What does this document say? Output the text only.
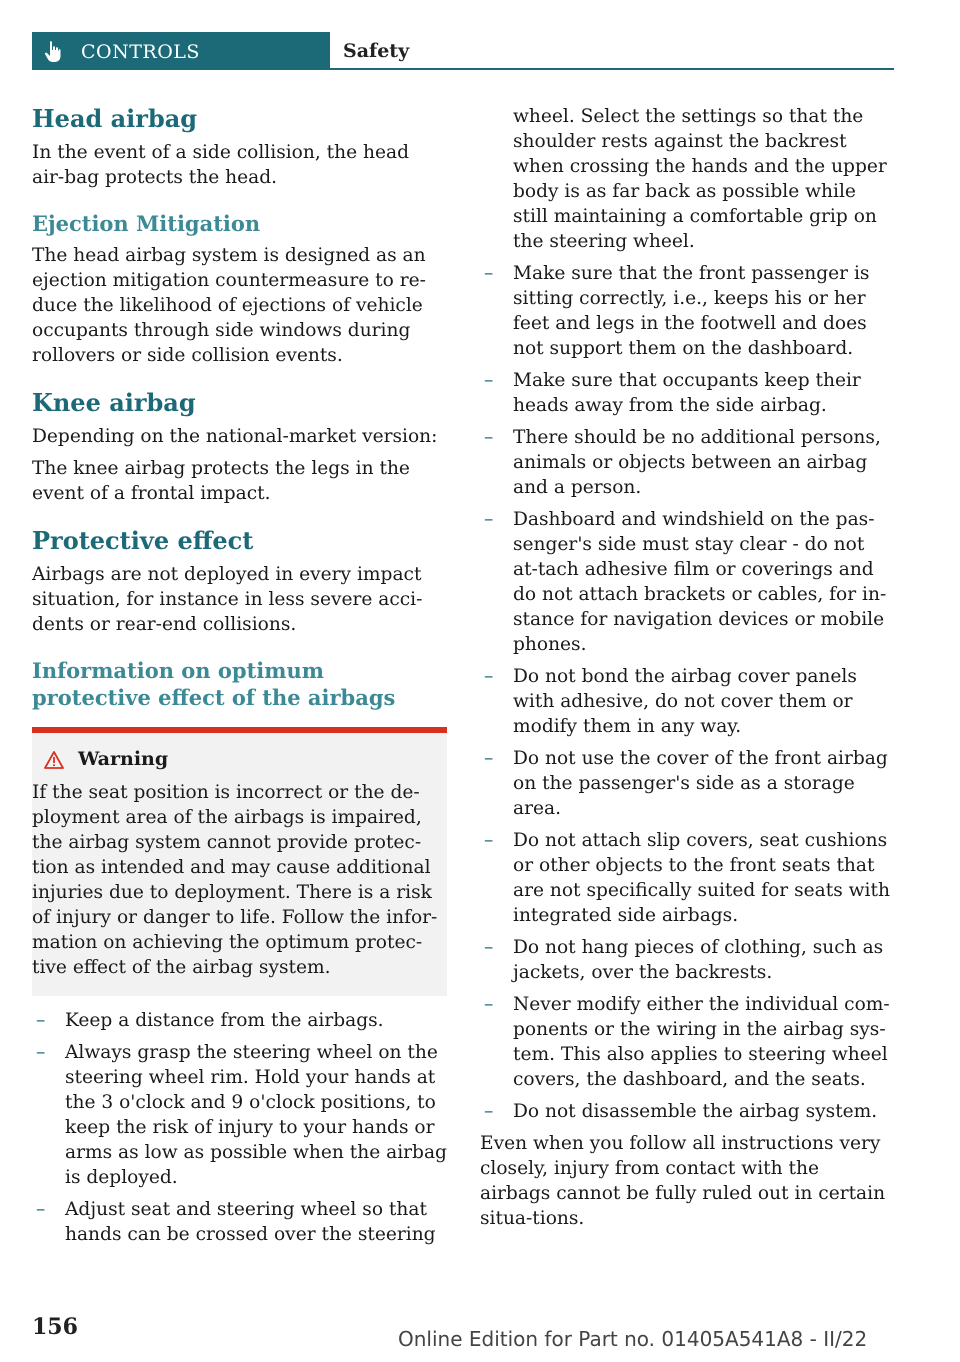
CONTROLS	Safety
Head airbag

In the event of a side collision, the head air‐bag protects the head.

Ejection Mitigation

The head airbag system is designed as an ejection mitigation countermeasure to re‐duce the likelihood of ejections of vehicle occupants through side windows during rollovers or side collision events.

Knee airbag

Depending on the national-market version:

The knee airbag protects the legs in the event of a frontal impact.

Protective effect

Airbags are not deployed in every impact situation, for instance in less severe acci‐dents or rear-end collisions.

Information on optimum protective effect of the airbags
Warning
If the seat position is incorrect or the de‐ployment area of the airbags is impaired, the airbag system cannot provide protec‐tion as intended and may cause additional injuries due to deployment. There is a risk of injury or danger to life. Follow the infor‐mation on achieving the optimum protec‐tive effect of the airbag system.
– Keep a distance from the airbags.
– Always grasp the steering wheel on the steering wheel rim. Hold your hands at the 3 o'clock and 9 o'clock positions, to keep the risk of injury to your hands or arms as low as possible when the airbag is deployed.
– Adjust seat and steering wheel so that hands can be crossed over the steering
wheel. Select the settings so that the shoulder rests against the backrest when crossing the hands and the upper body is as far back as possible while still maintaining a comfortable grip on the steering wheel.
– Make sure that the front passenger is sitting correctly, i.e., keeps his or her feet and legs in the footwell and does not support them on the dashboard.
– Make sure that occupants keep their heads away from the side airbag.
– There should be no additional persons, animals or objects between an airbag and a person.
– Dashboard and windshield on the pas‐senger's side must stay clear - do not at‐tach adhesive film or coverings and do not attach brackets or cables, for in‐stance for navigation devices or mobile phones.
– Do not bond the airbag cover panels with adhesive, do not cover them or modify them in any way.
– Do not use the cover of the front airbag on the passenger's side as a storage area.
– Do not attach slip covers, seat cushions or other objects to the front seats that are not specifically suited for seats with integrated side airbags.
– Do not hang pieces of clothing, such as jackets, over the backrests.
– Never modify either the individual com‐ponents or the wiring in the airbag sys‐tem. This also applies to steering wheel covers, the dashboard, and the seats.
– Do not disassemble the airbag system.

Even when you follow all instructions very closely, injury from contact with the airbags cannot be fully ruled out in certain situa‐tions.

156	Online Edition for Part no. 01405A541A8 - II/22
